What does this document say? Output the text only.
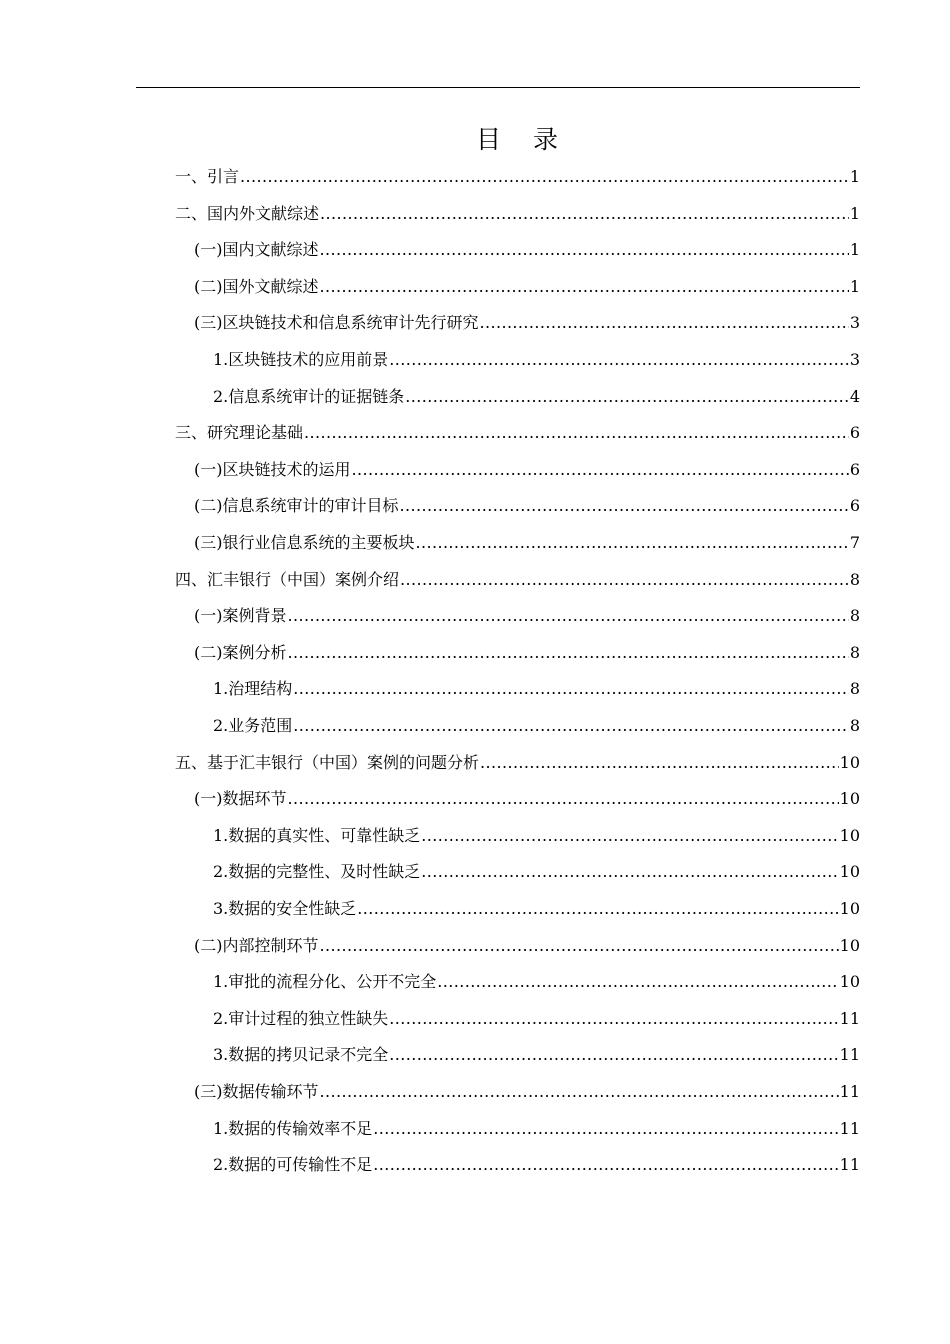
目 录
一、 引言 .....	1
二、 国内外文献综述 .....	1
(一) 国内文献综述 .....	1
(二) 国外文献综述 .....	1
(三) 区块链技术和信息系统审计先行研究 .....	3
1. 区块链技术的应用前景 .....	3
2. 信息系统审计的证据链条 .....	4
三、 研究理论基础 .....	6
(一) 区块链技术的运用 .....	6
(二) 信息系统审计的审计目标 .....	6
(三) 银行业信息系统的主要板块 .....	7
四、 汇丰银行（中国）案例介绍 .....	8
(一) 案例背景 .....	8
(二) 案例分析 .....	8
1. 治理结构 .....	8
2. 业务范围 .....	8
五、 基于汇丰银行（中国）案例的问题分析 .....	10
(一) 数据环节 .....	10
1. 数据的真实性、可靠性缺乏 .....	10
2. 数据的完整性、及时性缺乏 .....	10
3. 数据的安全性缺乏 .....	10
(二) 内部控制环节 .....	10
1. 审批的流程分化、公开不完全 .....	10
2. 审计过程的独立性缺失 .....	11
3. 数据的拷贝记录不完全 .....	11
(三) 数据传输环节 .....	11
1. 数据的传输效率不足 .....	11
2. 数据的可传输性不足 .....	11
